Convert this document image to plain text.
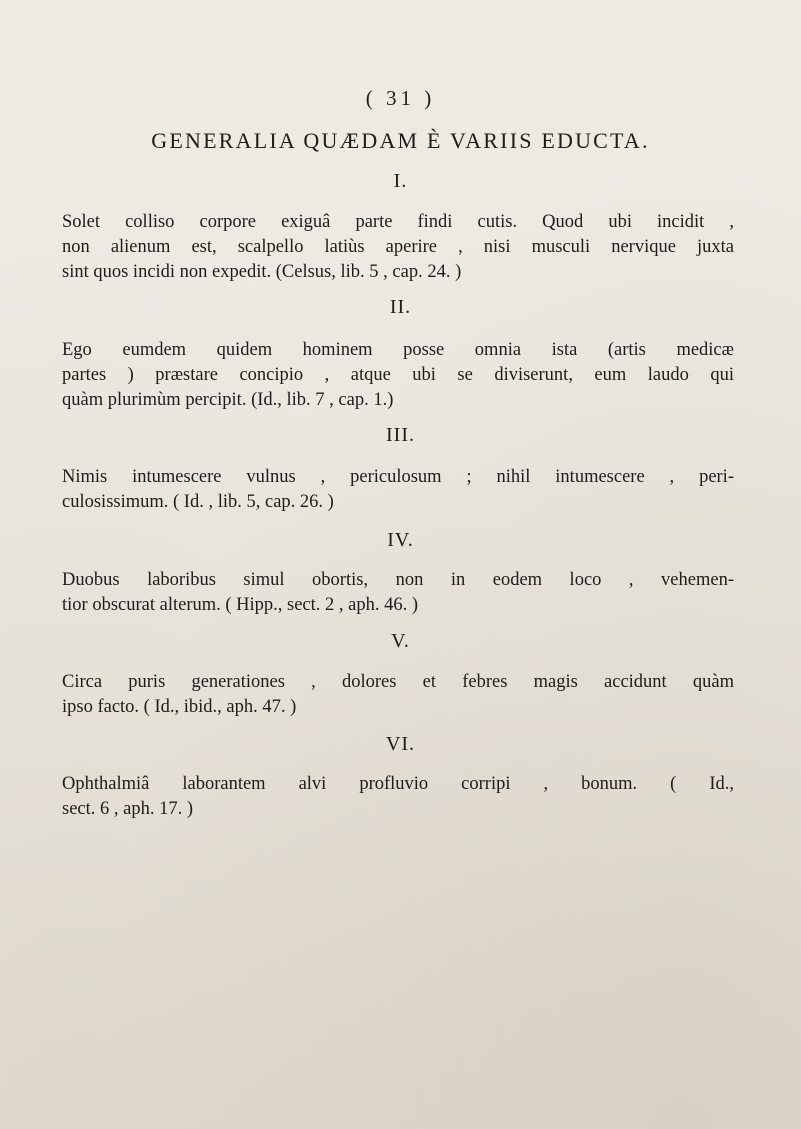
( 31 )
GENERALIA QUÆDAM È VARIIS EDUCTA.
I.
Solet colliso corpore exiguâ parte findi cutis. Quod ubi incidit ,
non alienum est, scalpello latiùs aperire , nisi musculi nervique juxta
sint quos incidi non expedit. (Celsus, lib. 5 , cap. 24. )
II.
Ego eumdem quidem hominem posse omnia ista (artis medicæ
partes ) præstare concipio , atque ubi se diviserunt, eum laudo qui
quàm plurimùm percipit. (Id., lib. 7 , cap. 1.)
III.
Nimis intumescere vulnus , periculosum ; nihil intumescere , peri-
culosissimum. ( Id. , lib. 5, cap. 26. )
IV.
Duobus laboribus simul obortis, non in eodem loco , vehemen-
tior obscurat alterum. ( Hipp., sect. 2 , aph. 46. )
V.
Circa puris generationes , dolores et febres magis accidunt quàm
ipso facto. ( Id., ibid., aph. 47. )
VI.
Ophthalmiâ laborantem alvi profluvio corripi , bonum. ( Id.,
sect. 6 , aph. 17. )
